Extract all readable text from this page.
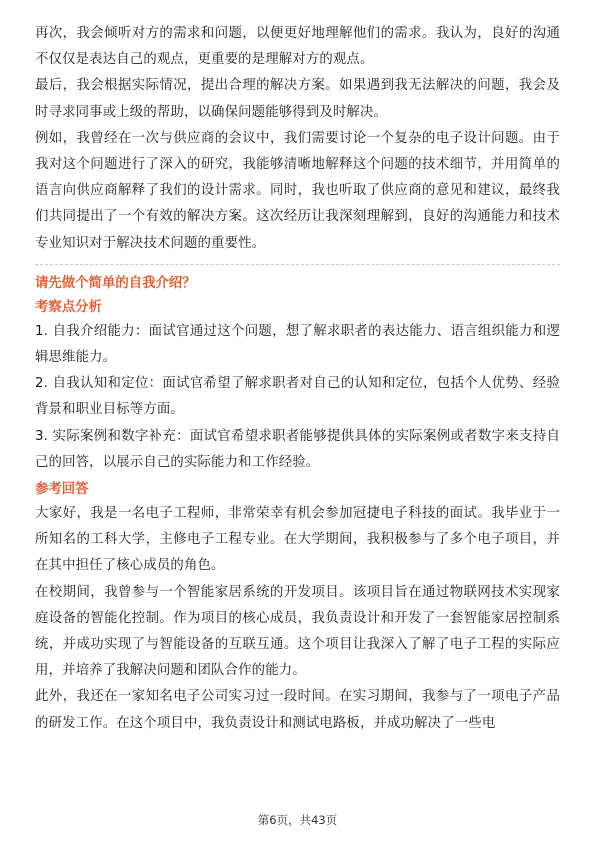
再次，我会倾听对方的需求和问题，以便更好地理解他们的需求。我认为，良好的沟通不仅仅是表达自己的观点，更重要的是理解对方的观点。

最后，我会根据实际情况，提出合理的解决方案。如果遇到我无法解决的问题，我会及时寻求同事或上级的帮助，以确保问题能够得到及时解决。

例如，我曾经在一次与供应商的会议中，我们需要讨论一个复杂的电子设计问题。由于我对这个问题进行了深入的研究，我能够清晰地解释这个问题的技术细节，并用简单的语言向供应商解释了我们的设计需求。同时，我也听取了供应商的意见和建议，最终我们共同提出了一个有效的解决方案。这次经历让我深刻理解到，良好的沟通能力和技术专业知识对于解决技术问题的重要性。

请先做个简单的自我介绍？
考察点分析

1. 自我介绍能力：面试官通过这个问题，想了解求职者的表达能力、语言组织能力和逻辑思维能力。

2. 自我认知和定位：面试官希望了解求职者对自己的认知和定位，包括个人优势、经验背景和职业目标等方面。

3. 实际案例和数字补充：面试官希望求职者能够提供具体的实际案例或者数字来支持自己的回答，以展示自己的实际能力和工作经验。

参考回答

大家好，我是一名电子工程师，非常荣幸有机会参加冠捷电子科技的面试。我毕业于一所知名的工科大学，主修电子工程专业。在大学期间，我积极参与了多个电子项目，并在其中担任了核心成员的角色。

在校期间，我曾参与一个智能家居系统的开发项目。该项目旨在通过物联网技术实现家庭设备的智能化控制。作为项目的核心成员，我负责设计和开发了一套智能家居控制系统，并成功实现了与智能设备的互联互通。这个项目让我深入了解了电子工程的实际应用，并培养了我解决问题和团队合作的能力。

此外，我还在一家知名电子公司实习过一段时间。在实习期间，我参与了一项电子产品的研发工作。在这个项目中，我负责设计和测试电路板，并成功解决了一些电

第6页，共43页
